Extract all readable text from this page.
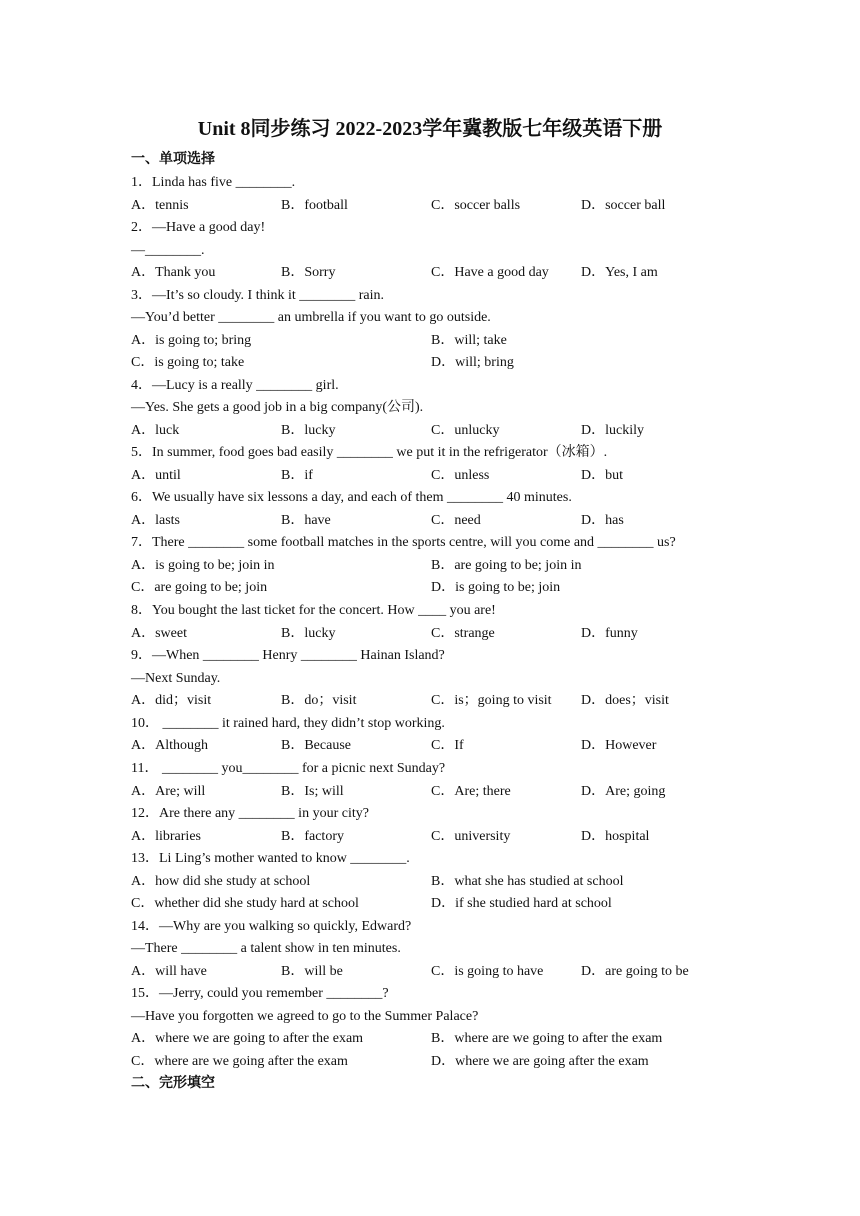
Unit 8同步练习 2022-2023学年冀教版七年级英语下册
一、单项选择
1．Linda has five ________.
A．tennis	B．football	C．soccer balls	D．soccer ball
2．—Have a good day!
—________.
A．Thank you	B．Sorry	C．Have a good day D．Yes, I am
3．—It’s so cloudy. I think it ________ rain.
—You’d better ________ an umbrella if you want to go outside.
A．is going to; bring	B．will; take
C．is going to; take	D．will; bring
4．—Lucy is a really ________ girl.
—Yes. She gets a good job in a big company(公司).
A．luck	B．lucky	C．unlucky	D．luckily
5．In summer, food goes bad easily ________ we put it in the refrigerator（冰箱）.
A．until	B．if	C．unless	D．but
6．We usually have six lessons a day, and each of them ________ 40 minutes.
A．lasts	B．have	C．need	D．has
7．There ________ some football matches in the sports centre, will you come and ________ us?
A．is going to be; join in	B．are going to be; join in
C．are going to be; join	D．is going to be; join
8．You bought the last ticket for the concert. How ____ you are!
A．sweet	B．lucky	C．strange	D．funny
9．—When ________ Henry ________ Hainan Island?
—Next Sunday.
A．did；visit	B．do；visit	C．is；going to visit D．does；visit
10． ________ it rained hard, they didn’t stop working.
A．Although	B．Because	C．If	D．However
11． ________ you________ for a picnic next Sunday?
A．Are; will	B．Is; will	C．Are; there	D．Are; going
12．Are there any ________ in your city?
A．libraries	B．factory	C．university	D．hospital
13．Li Ling’s mother wanted to know ________.
A．how did she study at school	B．what she has studied at school
C．whether did she study hard at school	D．if she studied hard at school
14．—Why are you walking so quickly, Edward?
—There ________ a talent show in ten minutes.
A．will have	B．will be	C．is going to have	D．are going to be
15．—Jerry, could you remember ________?
—Have you forgotten we agreed to go to the Summer Palace?
A．where we are going to after the exam	B．where are we going to after the exam
C．where are we going after the exam	D．where we are going after the exam
二、完形填空
